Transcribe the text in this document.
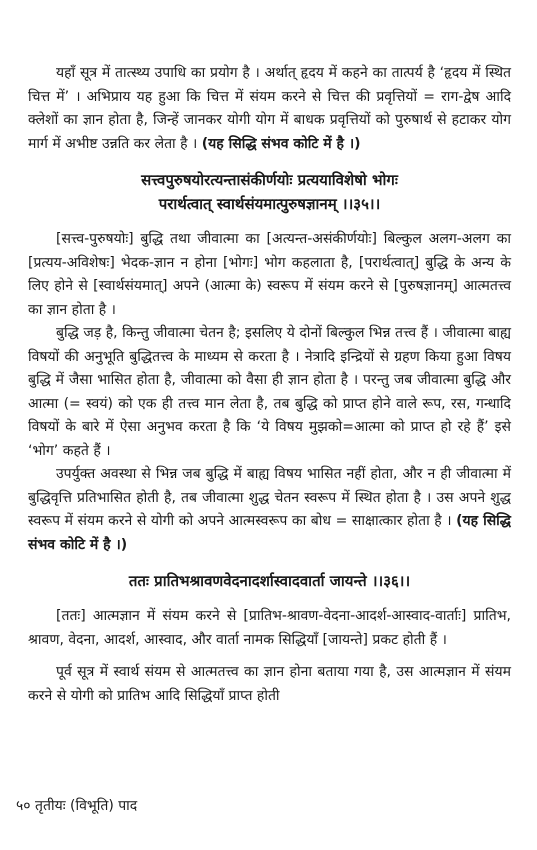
यहाँ सूत्र में तात्स्थ्य उपाधि का प्रयोग है । अर्थात् हृदय में कहने का तात्पर्य है ‘हृदय में स्थित चित्त में’ । अभिप्राय यह हुआ कि चित्त में संयम करने से चित्त की प्रवृत्तियों = राग-द्वेष आदि क्लेशों का ज्ञान होता है, जिन्हें जानकर योगी योग में बाधक प्रवृत्तियों को पुरुषार्थ से हटाकर योग मार्ग में अभीष्ट उन्नति कर लेता है । (यह सिद्धि संभव कोटि में है ।)

सत्त्वपुरुषयोरत्यन्तासंकीर्णयोः प्रत्ययाविशेषो भोगः

परार्थत्वात् स्वार्थसंयमात्पुरुषज्ञानम् ।।३५।।

[सत्त्व-पुरुषयोः] बुद्धि तथा जीवात्मा का [अत्यन्त-असंकीर्णयोः] बिल्कुल अलग-अलग का [प्रत्यय-अविशेषः] भेदक-ज्ञान न होना [भोगः] भोग कहलाता है, [परार्थत्वात्] बुद्धि के अन्य के लिए होने से [स्वार्थसंयमात्] अपने (आत्मा के) स्वरूप में संयम करने से [पुरुषज्ञानम्] आत्मतत्त्व का ज्ञान होता है ।

बुद्धि जड़ है, किन्तु जीवात्मा चेतन है; इसलिए ये दोनों बिल्कुल भिन्न तत्त्व हैं । जीवात्मा बाह्य विषयों की अनुभूति बुद्धितत्त्व के माध्यम से करता है । नेत्रादि इन्द्रियों से ग्रहण किया हुआ विषय बुद्धि में जैसा भासित होता है, जीवात्मा को वैसा ही ज्ञान होता है । परन्तु जब जीवात्मा बुद्धि और आत्मा (= स्वयं) को एक ही तत्त्व मान लेता है, तब बुद्धि को प्राप्त होने वाले रूप, रस, गन्धादि विषयों के बारे में ऐसा अनुभव करता है कि ‘ये विषय मुझको=आत्मा को प्राप्त हो रहे हैं’ इसे ‘भोग’ कहते हैं ।

उपर्युक्त अवस्था से भिन्न जब बुद्धि में बाह्य विषय भासित नहीं होता, और न ही जीवात्मा में बुद्धिवृत्ति प्रतिभासित होती है, तब जीवात्मा शुद्ध चेतन स्वरूप में स्थित होता है । उस अपने शुद्ध स्वरूप में संयम करने से योगी को अपने आत्मस्वरूप का बोध = साक्षात्कार होता है । (यह सिद्धि संभव कोटि में है ।)

ततः प्रातिभश्रावणवेदनादर्शास्वादवार्ता जायन्ते ।।३६।।

[ततः] आत्मज्ञान में संयम करने से [प्रातिभ-श्रावण-वेदना-आदर्श-आस्वाद-वार्ताः] प्रातिभ, श्रावण, वेदना, आदर्श, आस्वाद, और वार्ता नामक सिद्धियाँ [जायन्ते] प्रकट होती हैं ।

पूर्व सूत्र में स्वार्थ संयम से आत्मतत्त्व का ज्ञान होना बताया गया है, उस आत्मज्ञान में संयम करने से योगी को प्रातिभ आदि सिद्धियाँ प्राप्त होती

५० तृतीयः (विभूति) पाद
